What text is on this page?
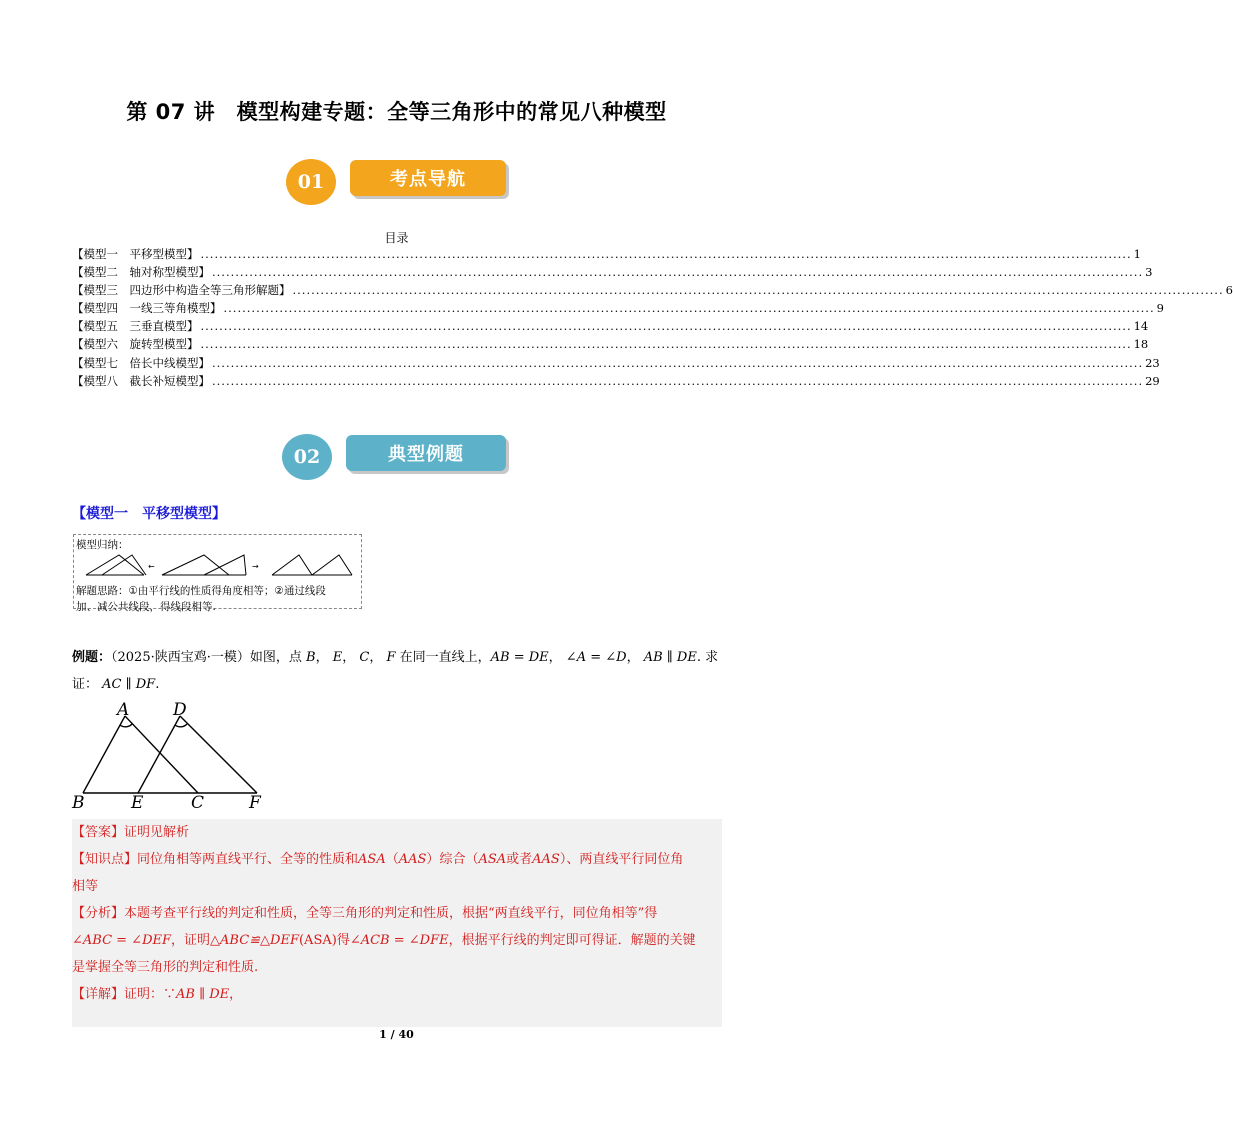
第 07 讲　模型构建专题：全等三角形中的常见八种模型
01	考点导航
目录
【模型一　平移型模型】 ........................................................................................................................................................................................................ 1
【模型二　轴对称型模型】 ........................................................................................................................................................................................................ 3
【模型三　四边形中构造全等三角形解题】 ........................................................................................................................................................................................................ 6
【模型四　一线三等角模型】 ........................................................................................................................................................................................................ 9
【模型五　三垂直模型】 ........................................................................................................................................................................................................ 14
【模型六　旋转型模型】 ........................................................................................................................................................................................................ 18
【模型七　倍长中线模型】 ........................................................................................................................................................................................................ 23
【模型八　截长补短模型】 ........................................................................................................................................................................................................ 29
02	典型例题
【模型一　平移型模型】
模型归纳：
←	→
解题思路：①由平行线的性质得角度相等；②通过线段
加、减公共线段，得线段相等.
例题：（2025·陕西宝鸡·一模）如图，点 B， E， C， F 在同一直线上，AB = DE， ∠A = ∠D， AB ∥ DE. 求
证： AC ∥ DF.
A	D
B	E	C	F
【答案】证明见解析
【知识点】同位角相等两直线平行、全等的性质和ASA（AAS）综合（ASA或者AAS）、两直线平行同位角
相等
【分析】本题考查平行线的判定和性质，全等三角形的判定和性质，根据“两直线平行，同位角相等”得
∠ABC = ∠DEF，证明△ABC≌△DEF(ASA)得∠ACB = ∠DFE，根据平行线的判定即可得证．解题的关键
是掌握全等三角形的判定和性质.
【详解】证明：∵AB ∥ DE，
1 / 40
